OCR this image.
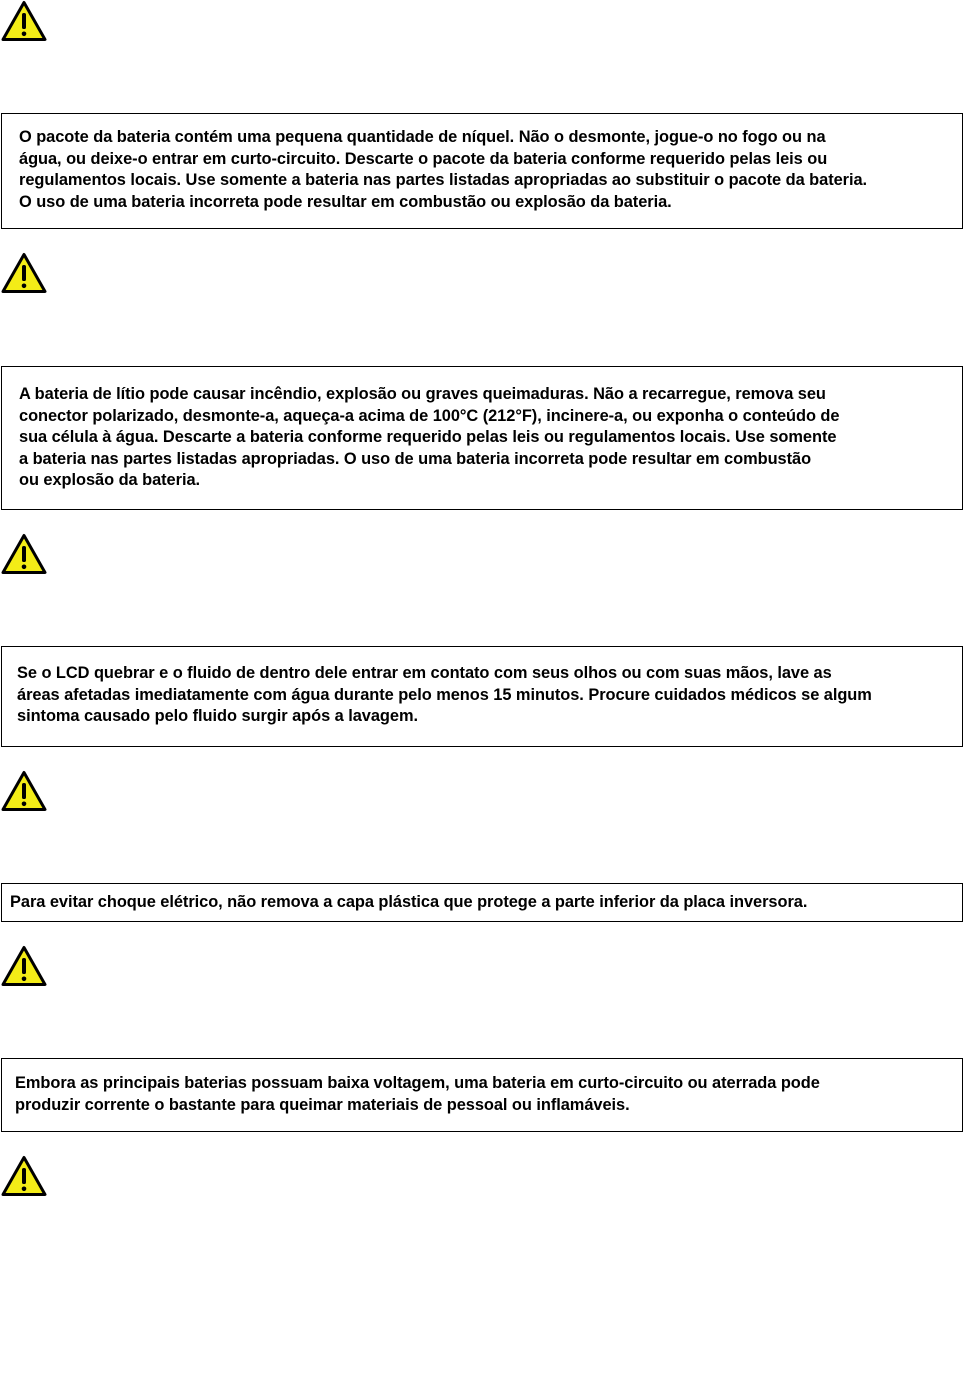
O pacote da bateria contém uma pequena quantidade de níquel. Não o desmonte, jogue-o no fogo ou na
água, ou deixe-o entrar em curto-circuito. Descarte o pacote da bateria conforme requerido pelas leis ou
regulamentos locais. Use somente a bateria nas partes listadas apropriadas ao substituir o pacote da bateria.
O uso de uma bateria incorreta pode resultar em combustão ou explosão da bateria.

A bateria de lítio pode causar incêndio, explosão ou graves queimaduras. Não a recarregue, remova seu
conector polarizado, desmonte-a, aqueça-a acima de 100°C (212°F), incinere-a, ou exponha o conteúdo de
sua célula à água. Descarte a bateria conforme requerido pelas leis ou regulamentos locais. Use somente
a bateria nas partes listadas apropriadas. O uso de uma bateria incorreta pode resultar em combustão
ou explosão da bateria.

Se o LCD quebrar e o fluido de dentro dele entrar em contato com seus olhos ou com suas mãos, lave as
áreas afetadas imediatamente com água durante pelo menos 15 minutos. Procure cuidados médicos se algum
sintoma causado pelo fluido surgir após a lavagem.

Para evitar choque elétrico, não remova a capa plástica que protege a parte inferior da placa inversora.

Embora as principais baterias possuam baixa voltagem, uma bateria em curto-circuito ou aterrada pode
produzir corrente o bastante para queimar materiais de pessoal ou inflamáveis.
